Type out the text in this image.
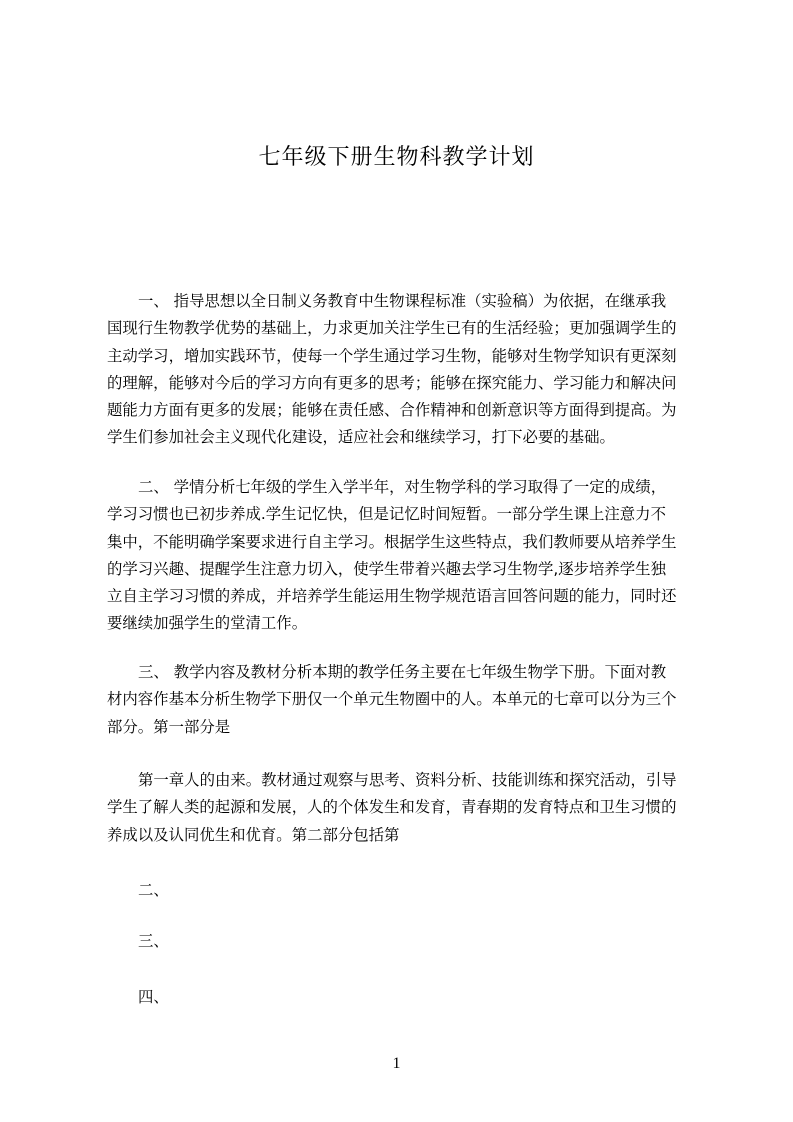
七年级下册生物科教学计划
一、 指导思想以全日制义务教育中生物课程标准（实验稿）为依据，在继承我
国现行生物教学优势的基础上，力求更加关注学生已有的生活经验；更加强调学生的
主动学习，增加实践环节，使每一个学生通过学习生物，能够对生物学知识有更深刻
的理解，能够对今后的学习方向有更多的思考；能够在探究能力、学习能力和解决问
题能力方面有更多的发展；能够在责任感、合作精神和创新意识等方面得到提高。为
学生们参加社会主义现代化建设，适应社会和继续学习，打下必要的基础。
二、 学情分析七年级的学生入学半年，对生物学科的学习取得了一定的成绩，
学习习惯也已初步养成.学生记忆快，但是记忆时间短暂。一部分学生课上注意力不
集中，不能明确学案要求进行自主学习。根据学生这些特点，我们教师要从培养学生
的学习兴趣、提醒学生注意力切入，使学生带着兴趣去学习生物学,逐步培养学生独
立自主学习习惯的养成，并培养学生能运用生物学规范语言回答问题的能力，同时还
要继续加强学生的堂清工作。
三、 教学内容及教材分析本期的教学任务主要在七年级生物学下册。下面对教
材内容作基本分析生物学下册仅一个单元生物圈中的人。本单元的七章可以分为三个
部分。第一部分是
第一章人的由来。教材通过观察与思考、资料分析、技能训练和探究活动，引导
学生了解人类的起源和发展，人的个体发生和发育，青春期的发育特点和卫生习惯的
养成以及认同优生和优育。第二部分包括第
二、
三、
四、
1
